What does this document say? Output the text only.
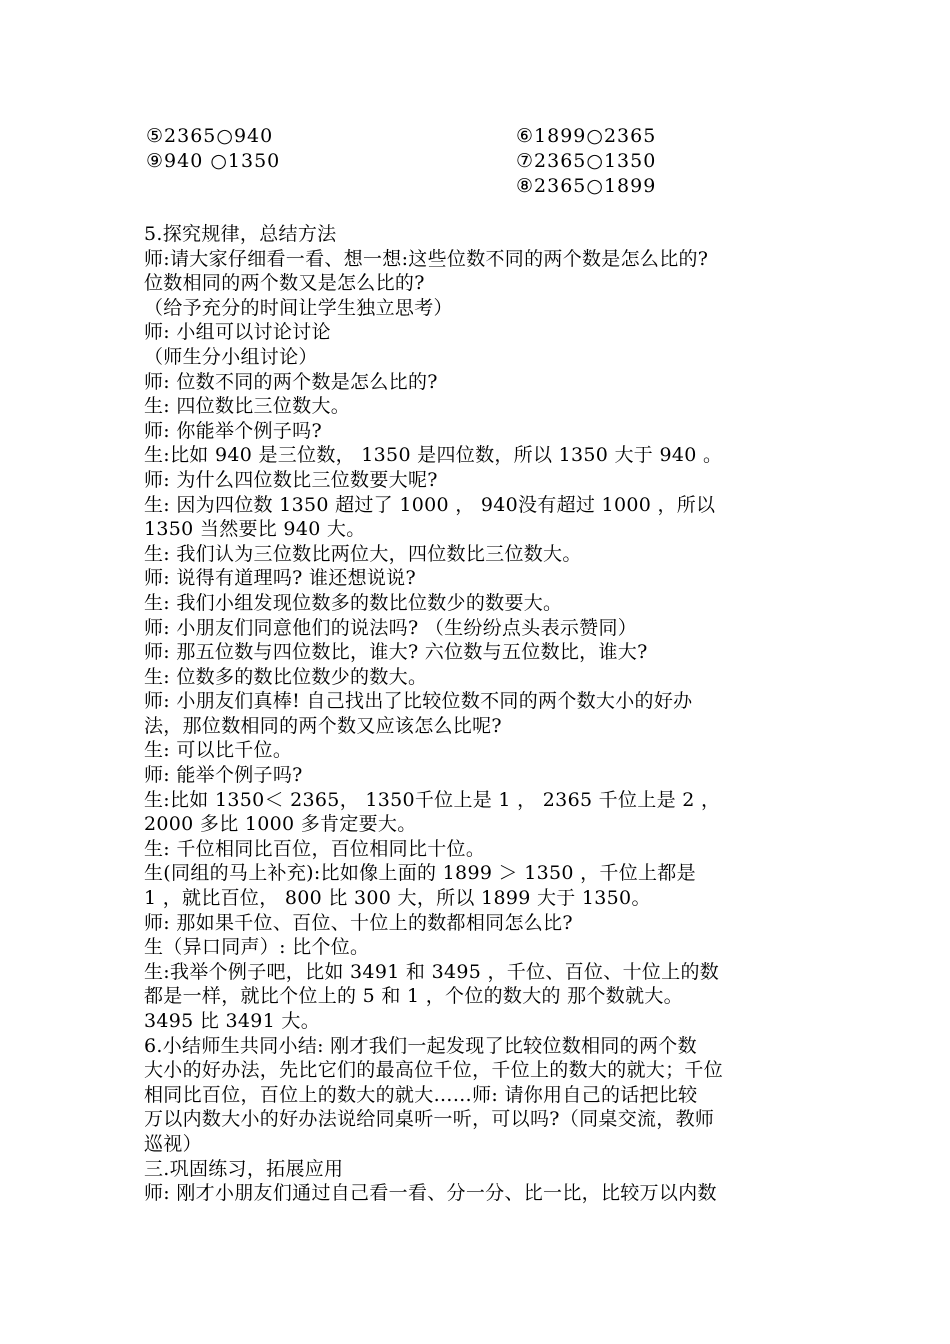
⑤2365○940
⑨940 ○1350
⑥1899○2365
⑦2365○1350
⑧2365○1899
5.探究规律，总结方法
师:请大家仔细看一看、想一想:这些位数不同的两个数是怎么比的?
位数相同的两个数又是怎么比的?
（给予充分的时间让学生独立思考）
师: 小组可以讨论讨论
（师生分小组讨论）
师: 位数不同的两个数是怎么比的?
生: 四位数比三位数大。
师: 你能举个例子吗?
生:比如 940 是三位数， 1350 是四位数，所以 1350 大于 940 。
师: 为什么四位数比三位数要大呢?
生: 因为四位数 1350 超过了 1000 ， 940没有超过 1000 ，所以
1350 当然要比 940 大。
生: 我们认为三位数比两位大，四位数比三位数大。
师: 说得有道理吗? 谁还想说说?
生: 我们小组发现位数多的数比位数少的数要大。
师: 小朋友们同意他们的说法吗? （生纷纷点头表示赞同）
师: 那五位数与四位数比，谁大? 六位数与五位数比，谁大?
生: 位数多的数比位数少的数大。
师: 小朋友们真棒! 自己找出了比较位数不同的两个数大小的好办
法，那位数相同的两个数又应该怎么比呢?
生: 可以比千位。
师: 能举个例子吗?
生:比如 1350＜ 2365， 1350千位上是 1 ， 2365 千位上是 2 ，
2000 多比 1000 多肯定要大。
生: 千位相同比百位，百位相同比十位。
生(同组的马上补充):比如像上面的 1899 ＞ 1350 ，千位上都是
1 ，就比百位， 800 比 300 大，所以 1899 大于 1350。
师: 那如果千位、百位、十位上的数都相同怎么比?
生（异口同声）: 比个位。
生:我举个例子吧，比如 3491 和 3495 ，千位、百位、十位上的数
都是一样，就比个位上的 5 和 1 ，个位的数大的 那个数就大。
3495 比 3491 大。
6.小结师生共同小结: 刚才我们一起发现了比较位数相同的两个数
大小的好办法，先比它们的最高位千位，千位上的数大的就大；千位
相同比百位，百位上的数大的就大……师: 请你用自己的话把比较
万以内数大小的好办法说给同桌听一听，可以吗?（同桌交流，教师
巡视）
三.巩固练习，拓展应用
师: 刚才小朋友们通过自己看一看、分一分、比一比，比较万以内数
